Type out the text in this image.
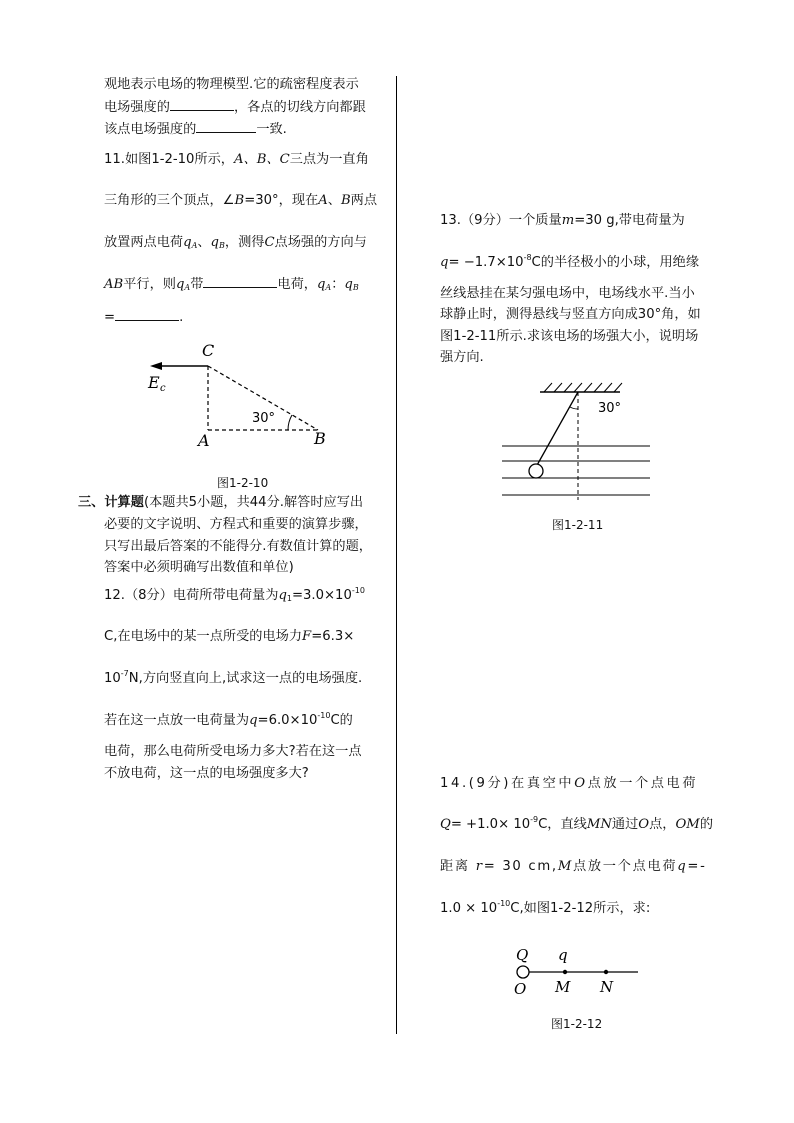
观地表示电场的物理模型.它的疏密程度表示
电场强度的	，各点的切线方向都跟
该点电场强度的	一致.
11.如图1-2-10所示，A、B、C三点为一直角
三角形的三个顶点，∠B=30°，现在A、B两点
放置两点电荷$q_A$、$q_B$，测得C点场强的方向与
AB平行，则$q_A$带	电荷，$q_A$：$q_B$
=	.
C
A	B
E c
30°
图1-2-10
三、计算题(本题共5小题，共44分.解答时应写出
必要的文字说明、方程式和重要的演算步骤，
只写出最后答案的不能得分.有数值计算的题，
答案中必须明确写出数值和单位)
12.（8分）电荷所带电荷量为$q_1=3.0\times 10^{-10}$
C,在电场中的某一点所受的电场力F=6.3×
$10^{-7}N$,方向竖直向上,试求这一点的电场强度.
若在这一点放一电荷量为$q=6.0\times 10^{-10}C$的
电荷，那么电荷所受电场力多大?若在这一点
不放电荷，这一点的电场强度多大?
13.（9分）一个质量m=30 g,带电荷量为
$q= -1.7\times 10^{-8}C$的半径极小的小球，用绝缘
丝线悬挂在某匀强电场中，电场线水平.当小
球静止时，测得悬线与竖直方向成30°角，如
图1-2-11所示.求该电场的场强大小，说明场
强方向.
30°
图1-2-11
14.(9分)在真空中O点放一个点电荷
$Q= +1.0\times 10^{-9}C$，直线MN通过O点，OM的
距离 r= 30 cm,M点放一个点电荷q=-
$1.0 \times 10^{-10}C$,如图1-2-12所示，求:
Q q
O M N
图1-2-12
